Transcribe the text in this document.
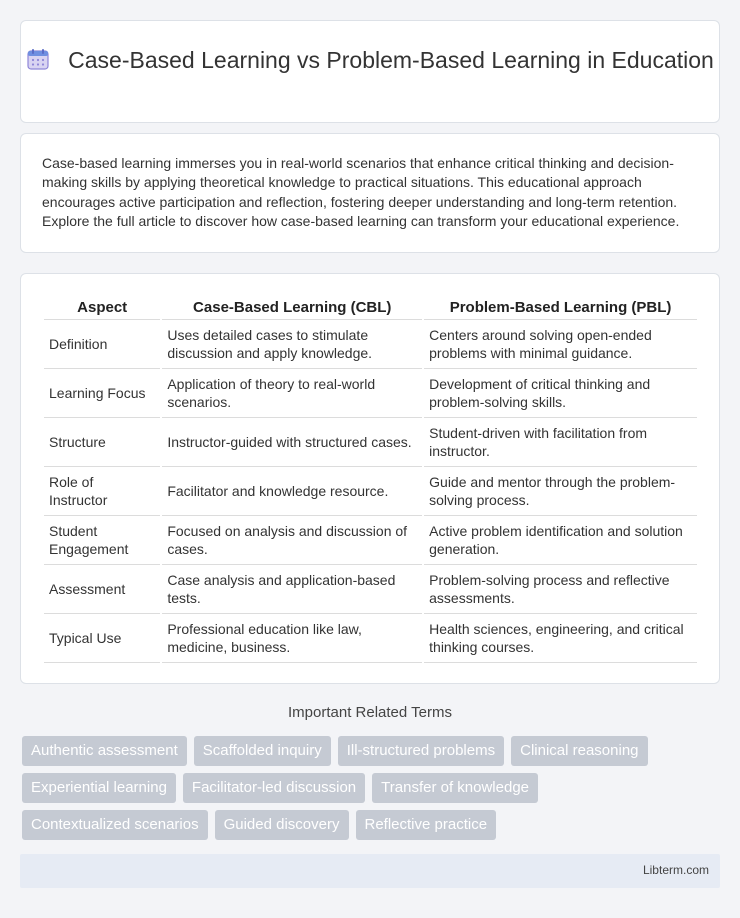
Case-Based Learning vs Problem-Based Learning in Education

Case-based learning immerses you in real-world scenarios that enhance critical thinking and decision-making skills by applying theoretical knowledge to practical situations. This educational approach encourages active participation and reflection, fostering deeper understanding and long-term retention. Explore the full article to discover how case-based learning can transform your educational experience.

Aspect	Case-Based Learning (CBL)	Problem-Based Learning (PBL)
Definition	Uses detailed cases to stimulate discussion and apply knowledge.	Centers around solving open-ended problems with minimal guidance.
Learning Focus	Application of theory to real-world scenarios.	Development of critical thinking and problem-solving skills.
Structure	Instructor-guided with structured cases.	Student-driven with facilitation from instructor.
Role of Instructor	Facilitator and knowledge resource.	Guide and mentor through the problem-solving process.
Student Engagement	Focused on analysis and discussion of cases.	Active problem identification and solution generation.
Assessment	Case analysis and application-based tests.	Problem-solving process and reflective assessments.
Typical Use	Professional education like law, medicine, business.	Health sciences, engineering, and critical thinking courses.
Important Related Terms
Authentic assessment	Scaffolded inquiry	Ill-structured problems	Clinical reasoning
Experiential learning	Facilitator-led discussion	Transfer of knowledge
Contextualized scenarios	Guided discovery	Reflective practice
Libterm.com
